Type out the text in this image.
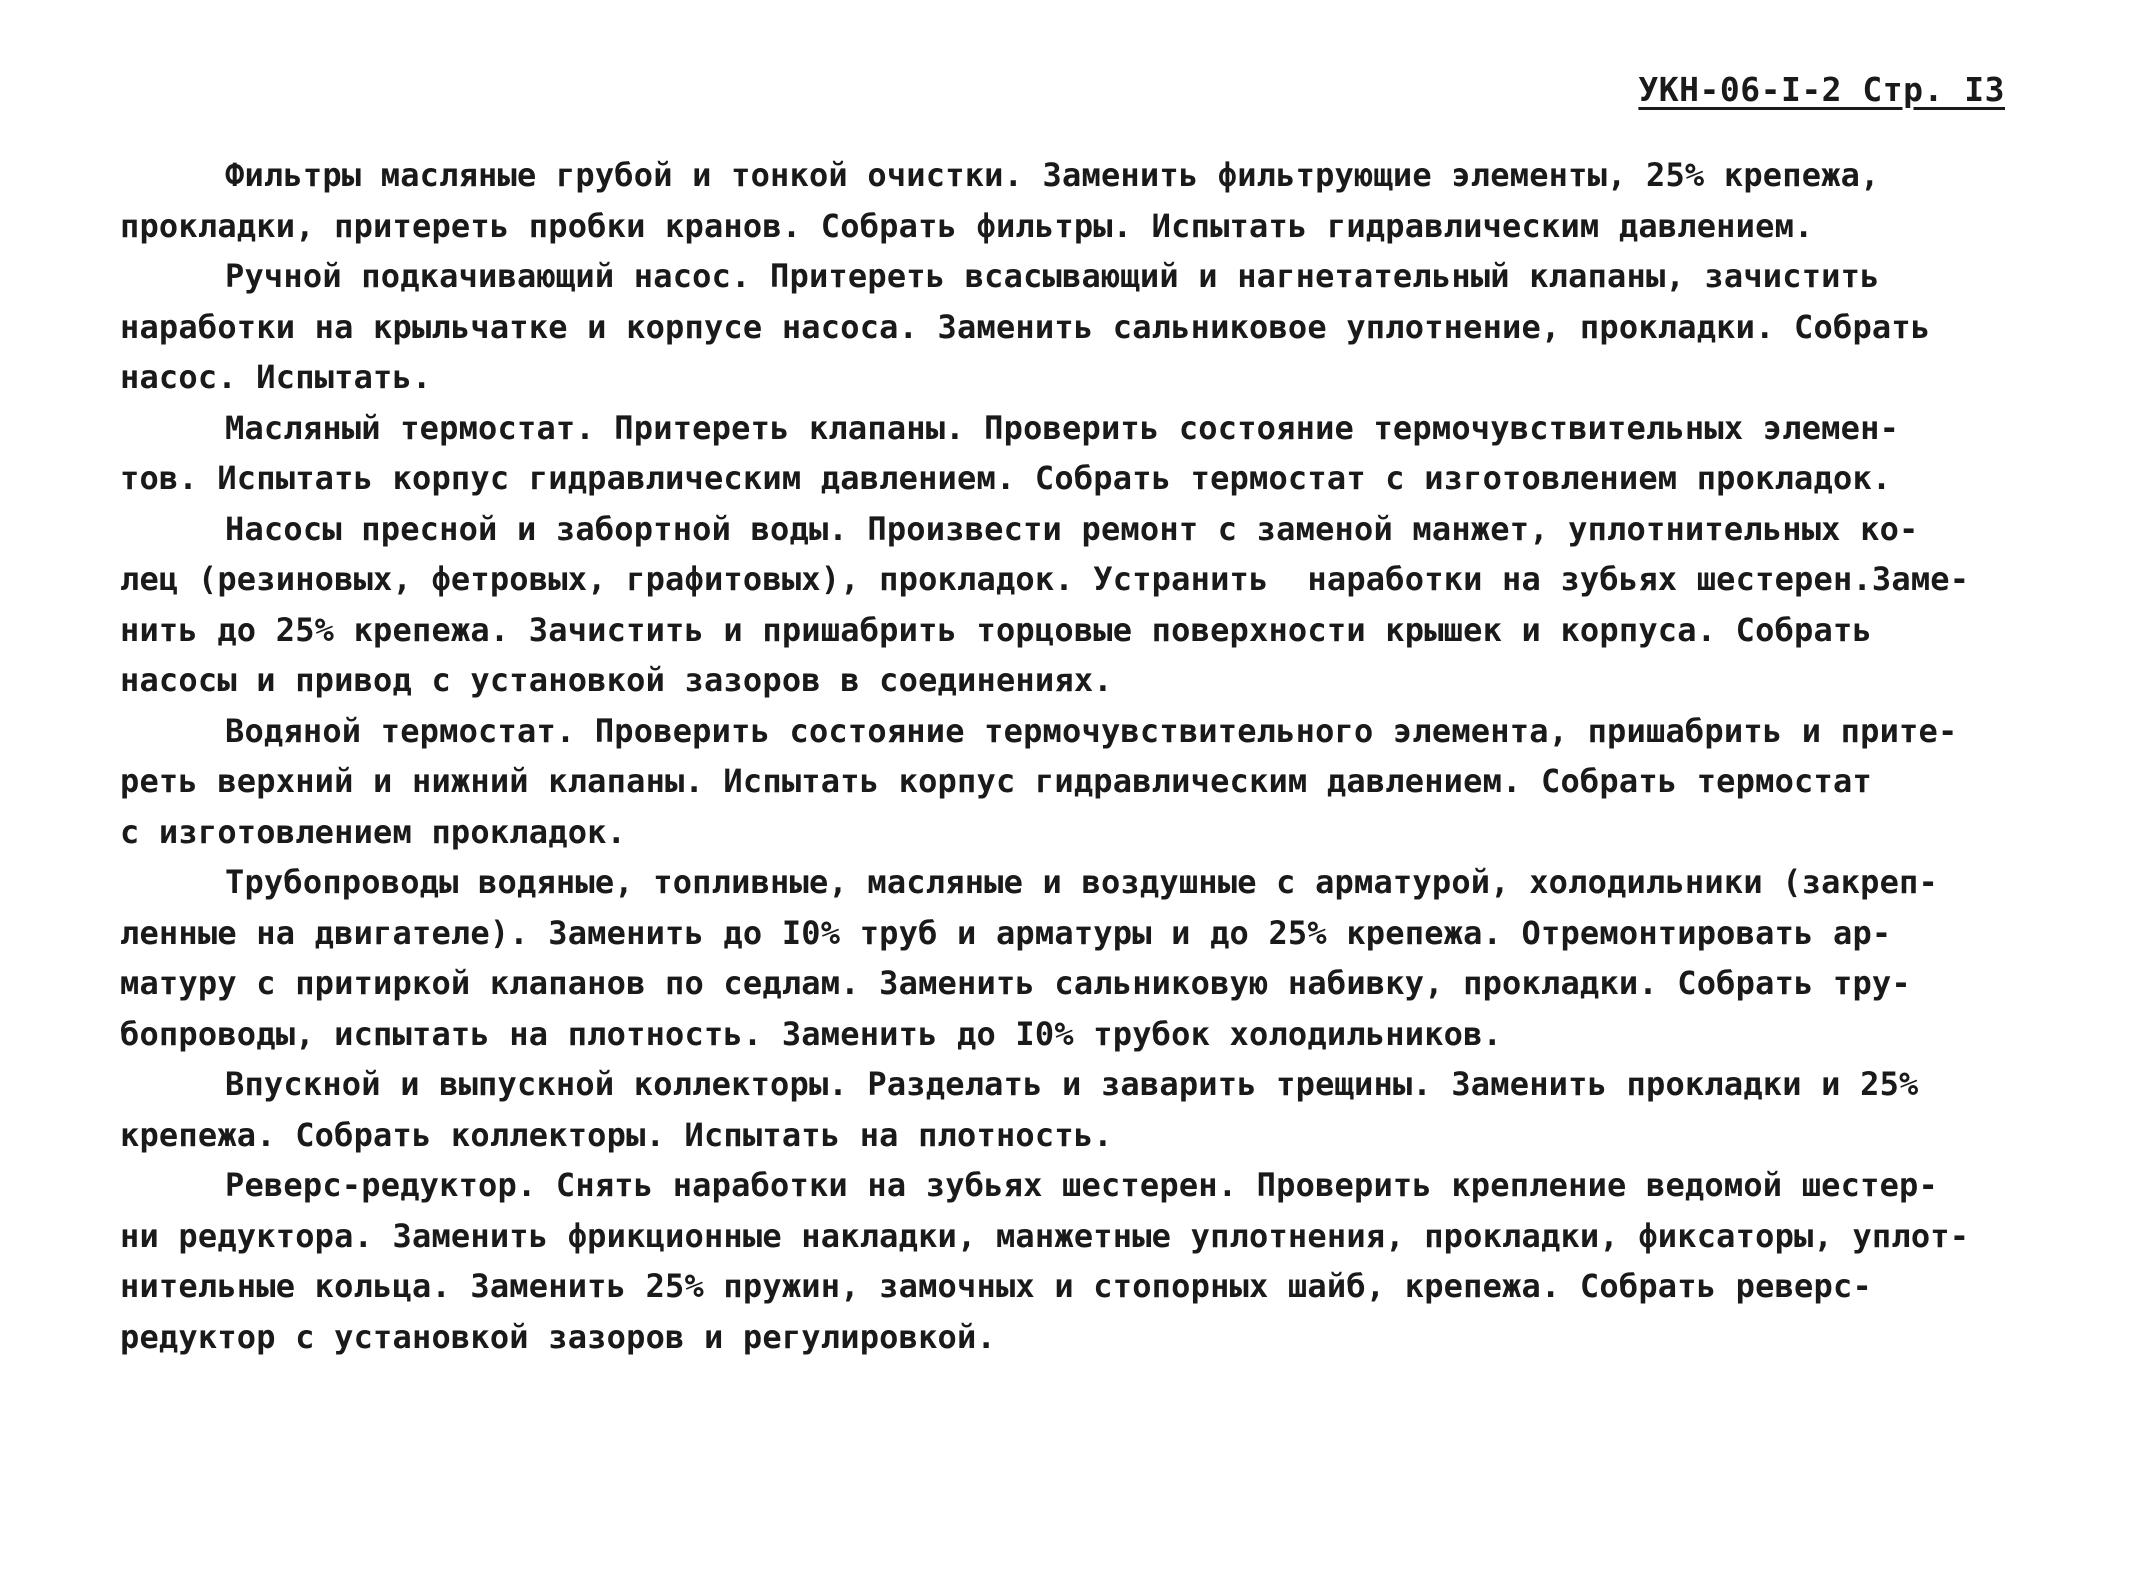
УКН-06-I-2 Стр. I3
Фильтры масляные грубой и тонкой очистки. Заменить фильтрующие элементы, 25% крепежа,
прокладки, притереть пробки кранов. Собрать фильтры. Испытать гидравлическим давлением.
Ручной подкачивающий насос. Притереть всасывающий и нагнетательный клапаны, зачистить
наработки на крыльчатке и корпусе насоса. Заменить сальниковое уплотнение, прокладки. Собрать
насос. Испытать.
Масляный термостат. Притереть клапаны. Проверить состояние термочувствительных элемен-
тов. Испытать корпус гидравлическим давлением. Собрать термостат с изготовлением прокладок.
Насосы пресной и забортной воды. Произвести ремонт с заменой манжет, уплотнительных ко-
лец (резиновых, фетровых, графитовых), прокладок. Устранить  наработки на зубьях шестерен.Заме-
нить до 25% крепежа. Зачистить и пришабрить торцовые поверхности крышек и корпуса. Собрать
насосы и привод с установкой зазоров в соединениях.
Водяной термостат. Проверить состояние термочувствительного элемента, пришабрить и прите-
реть верхний и нижний клапаны. Испытать корпус гидравлическим давлением. Собрать термостат
с изготовлением прокладок.
Трубопроводы водяные, топливные, масляные и воздушные с арматурой, холодильники (закреп-
ленные на двигателе). Заменить до I0% труб и арматуры и до 25% крепежа. Отремонтировать ар-
матуру с притиркой клапанов по седлам. Заменить сальниковую набивку, прокладки. Собрать тру-
бопроводы, испытать на плотность. Заменить до I0% трубок холодильников.
Впускной и выпускной коллекторы. Разделать и заварить трещины. Заменить прокладки и 25%
крепежа. Собрать коллекторы. Испытать на плотность.
Реверс-редуктор. Снять наработки на зубьях шестерен. Проверить крепление ведомой шестер-
ни редуктора. Заменить фрикционные накладки, манжетные уплотнения, прокладки, фиксаторы, уплот-
нительные кольца. Заменить 25% пружин, замочных и стопорных шайб, крепежа. Собрать реверс-
редуктор с установкой зазоров и регулировкой.
